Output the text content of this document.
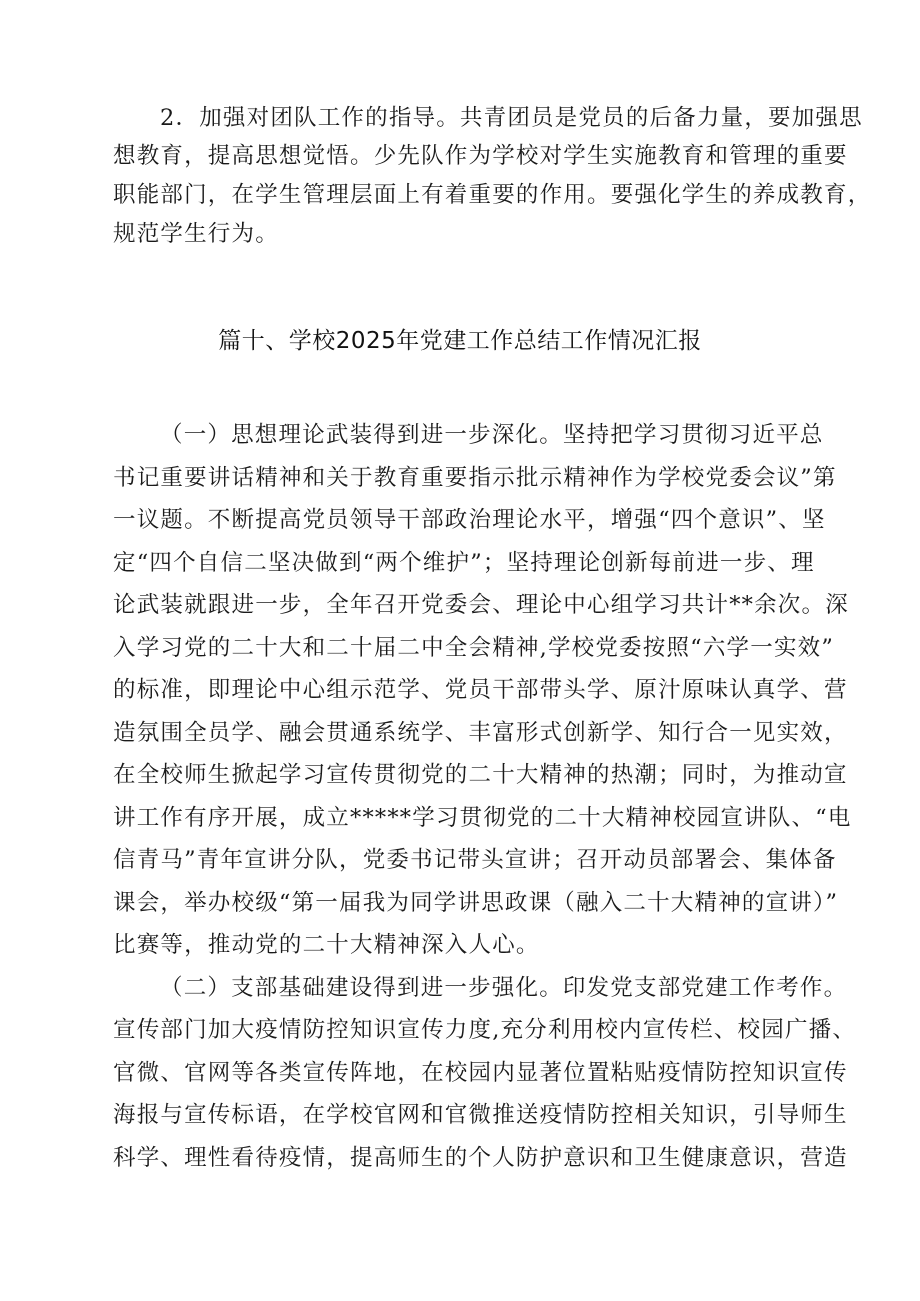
2．加强对团队工作的指导。共青团员是党员的后备力量，要加强思
想教育，提高思想觉悟。少先队作为学校对学生实施教育和管理的重要
职能部门，在学生管理层面上有着重要的作用。要强化学生的养成教育，
规范学生行为。
篇十、学校2025年党建工作总结工作情况汇报
（一）思想理论武装得到进一步深化。坚持把学习贯彻习近平总
书记重要讲话精神和关于教育重要指示批示精神作为学校党委会议”第
一议题。不断提高党员领导干部政治理论水平，增强“四个意识”、坚
定“四个自信二坚决做到“两个维护”；坚持理论创新每前进一步、理
论武装就跟进一步，全年召开党委会、理论中心组学习共计**余次。深
入学习党的二十大和二十届二中全会精神,学校党委按照“六学一实效”
的标准，即理论中心组示范学、党员干部带头学、原汁原味认真学、营
造氛围全员学、融会贯通系统学、丰富形式创新学、知行合一见实效，
在全校师生掀起学习宣传贯彻党的二十大精神的热潮；同时，为推动宣
讲工作有序开展，成立*****学习贯彻党的二十大精神校园宣讲队、“电
信青马”青年宣讲分队，党委书记带头宣讲；召开动员部署会、集体备
课会，举办校级“第一届我为同学讲思政课（融入二十大精神的宣讲）”
比赛等，推动党的二十大精神深入人心。
（二）支部基础建设得到进一步强化。印发党支部党建工作考作。
宣传部门加大疫情防控知识宣传力度,充分利用校内宣传栏、校园广播、
官微、官网等各类宣传阵地，在校园内显著位置粘贴疫情防控知识宣传
海报与宣传标语，在学校官网和官微推送疫情防控相关知识，引导师生
科学、理性看待疫情，提高师生的个人防护意识和卫生健康意识，营造
